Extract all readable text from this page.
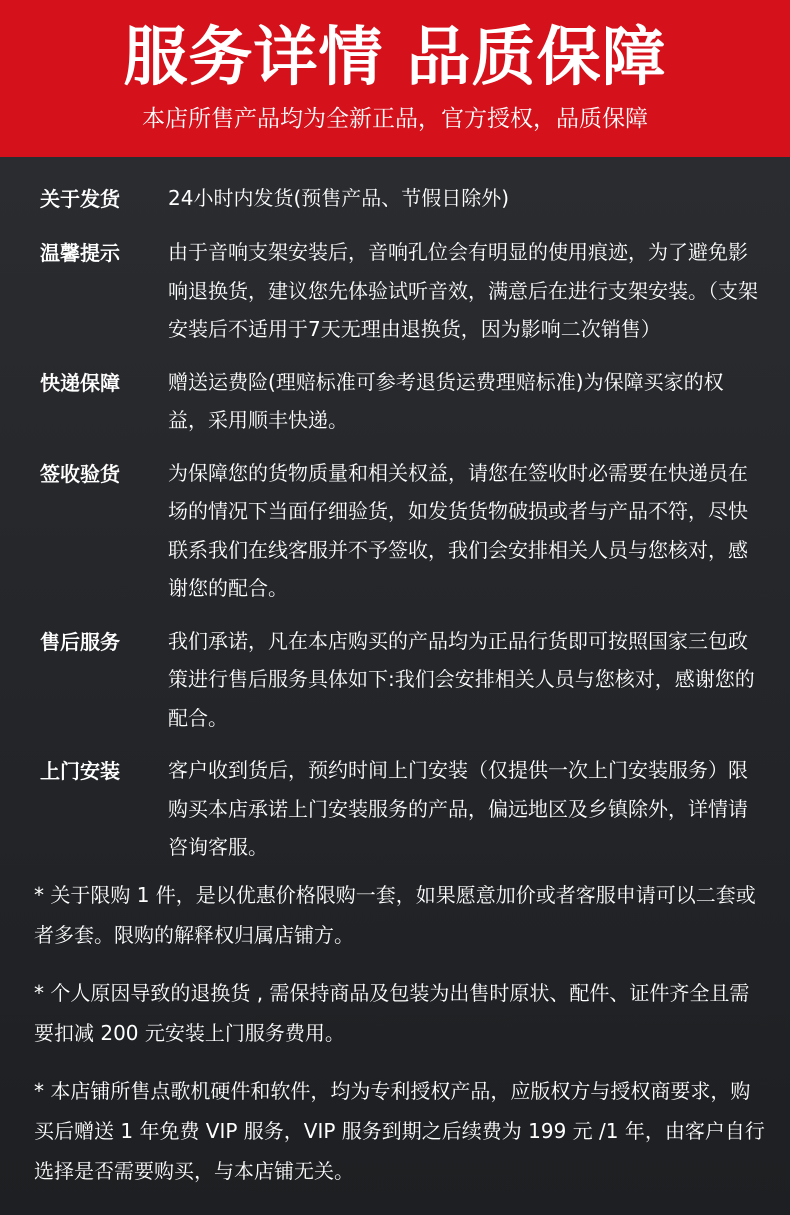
服务详情 品质保障
本店所售产品均为全新正品，官方授权，品质保障
关于发货	24小时内发货(预售产品、节假日除外)
温馨提示	由于音响支架安装后，音响孔位会有明显的使用痕迹，为了避免影响退换货，建议您先体验试听音效，满意后在进行支架安装。（支架安装后不适用于7天无理由退换货，因为影响二次销售）
快递保障	赠送运费险(理赔标准可参考退货运费理赔标准)为保障买家的权益，采用顺丰快递。
签收验货	为保障您的货物质量和相关权益，请您在签收时必需要在快递员在场的情况下当面仔细验货，如发货货物破损或者与产品不符，尽快联系我们在线客服并不予签收，我们会安排相关人员与您核对，感谢您的配合。
售后服务	我们承诺，凡在本店购买的产品均为正品行货即可按照国家三包政策进行售后服务具体如下:我们会安排相关人员与您核对，感谢您的配合。
上门安装	客户收到货后，预约时间上门安装（仅提供一次上门安装服务）限购买本店承诺上门安装服务的产品，偏远地区及乡镇除外，详情请咨询客服。
* 关于限购 1 件，是以优惠价格限购一套，如果愿意加价或者客服申请可以二套或者多套。限购的解释权归属店铺方。
* 个人原因导致的退换货 , 需保持商品及包装为出售时原状、配件、证件齐全且需要扣减 200 元安装上门服务费用。
* 本店铺所售点歌机硬件和软件，均为专利授权产品，应版权方与授权商要求，购买后赠送 1 年免费 VIP 服务，VIP 服务到期之后续费为 199 元 /1 年，由客户自行选择是否需要购买，与本店铺无关。
